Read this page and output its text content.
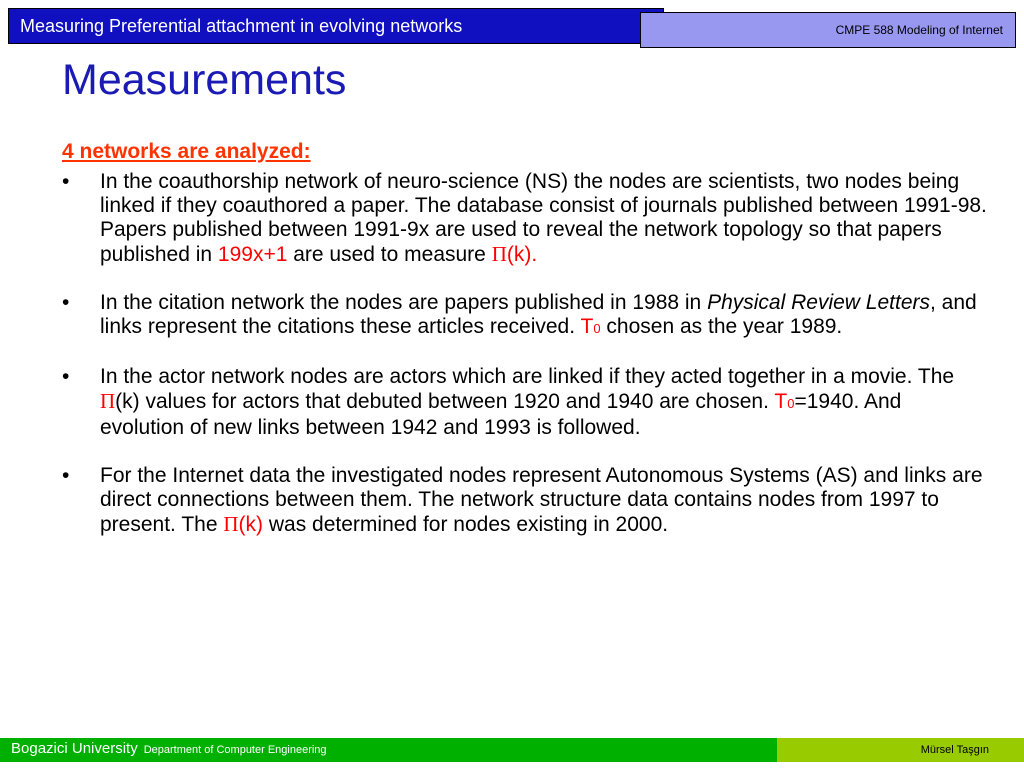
Measuring Preferential attachment in evolving networks	CMPE 588 Modeling of Internet
Measurements
4 networks are analyzed:
• In the coauthorship network of neuro-science (NS) the nodes are scientists, two nodes being linked if they coauthored a paper. The database consist of journals published between 1991-98. Papers published between 1991-9x are used to reveal the network topology so that papers published in 199x+1 are used to measure Π(k).
• In the citation network the nodes are papers published in 1988 in Physical Review Letters, and links represent the citations these articles received. T0 chosen as the year 1989.
• In the actor network nodes are actors which are linked if they acted together in a movie. The Π(k) values for actors that debuted between 1920 and 1940 are chosen. T0=1940. And evolution of new links between 1942 and 1993 is followed.
• For the Internet data the investigated nodes represent Autonomous Systems (AS) and links are direct connections between them. The network structure data contains nodes from 1997 to present. The Π(k) was determined for nodes existing in 2000.
Bogazici University Department of Computer Engineering	Mürsel Taşgın
